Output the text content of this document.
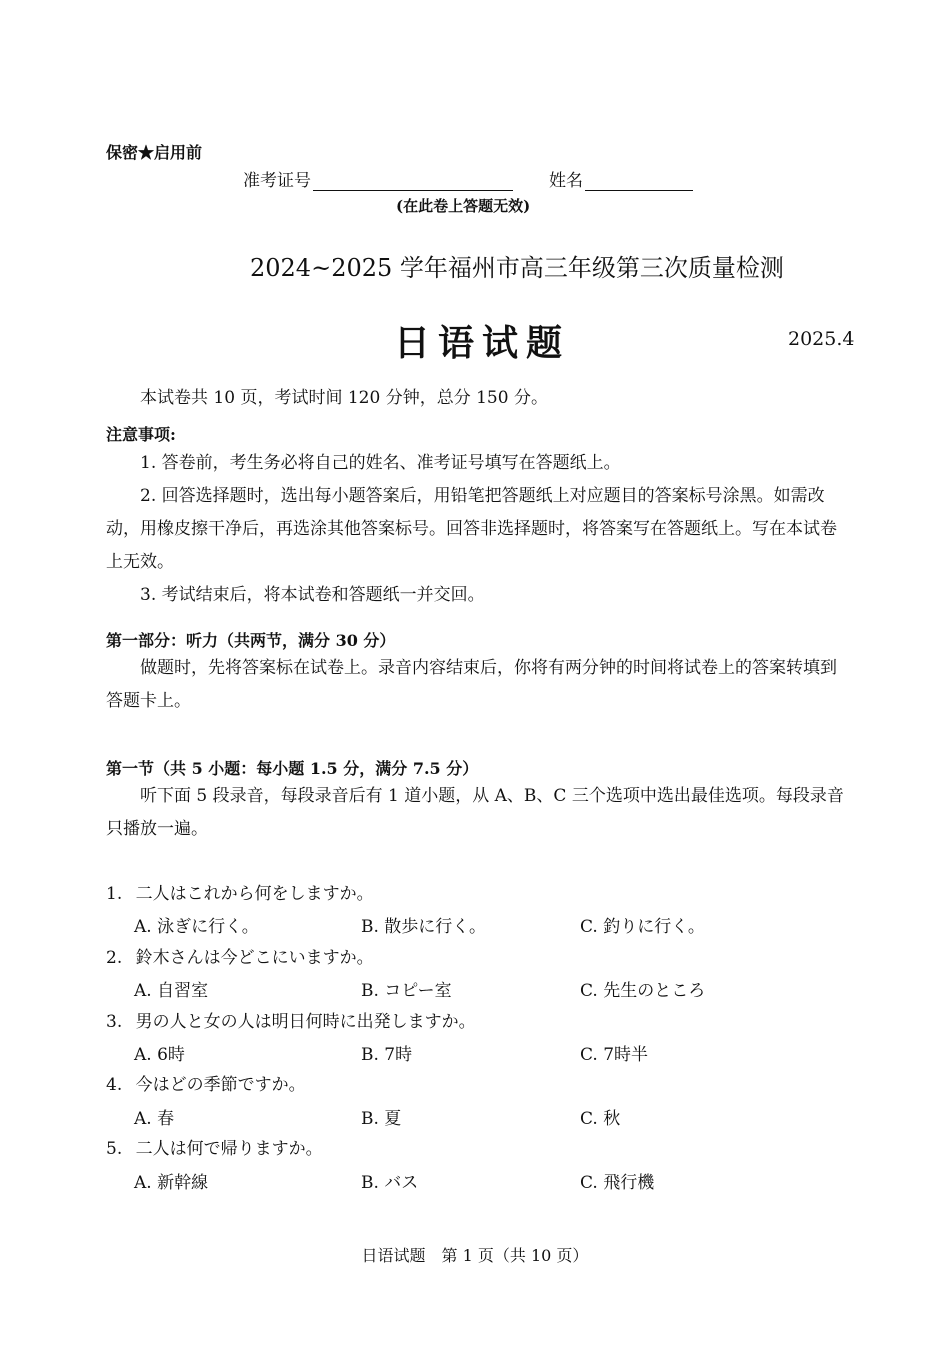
保密★启用前
准考证号	姓名
(在此卷上答题无效)
2024~2025 学年福州市高三年级第三次质量检测
日语试题	2025.4
本试卷共 10 页，考试时间 120 分钟，总分 150 分。
注意事项:

1. 答卷前，考生务必将自己的姓名、准考证号填写在答题纸上。

2. 回答选择题时，选出每小题答案后，用铅笔把答题纸上对应题目的答案标号涂黑。如需改动，用橡皮擦干净后，再选涂其他答案标号。回答非选择题时，将答案写在答题纸上。写在本试卷上无效。

3. 考试结束后，将本试卷和答题纸一并交回。

第一部分：听力（共两节，满分 30 分）

做题时，先将答案标在试卷上。录音内容结束后，你将有两分钟的时间将试卷上的答案转填到答题卡上。

第一节（共 5 小题：每小题 1.5 分，满分 7.5 分）

听下面 5 段录音，每段录音后有 1 道小题，从 A、B、C 三个选项中选出最佳选项。每段录音只播放一遍。

1. 二人はこれから何をしますか。
A. 泳ぎに行く。	B. 散歩に行く。	C. 釣りに行く。
2. 鈴木さんは今どこにいますか。
A. 自習室	B. コピー室	C. 先生のところ
3. 男の人と女の人は明日何時に出発しますか。
A. 6時	B. 7時	C. 7時半
4. 今はどの季節ですか。
A. 春	B. 夏	C. 秋
5. 二人は何で帰りますか。
A. 新幹線	B. バス	C. 飛行機
日语试题　第 1 页（共 10 页）
